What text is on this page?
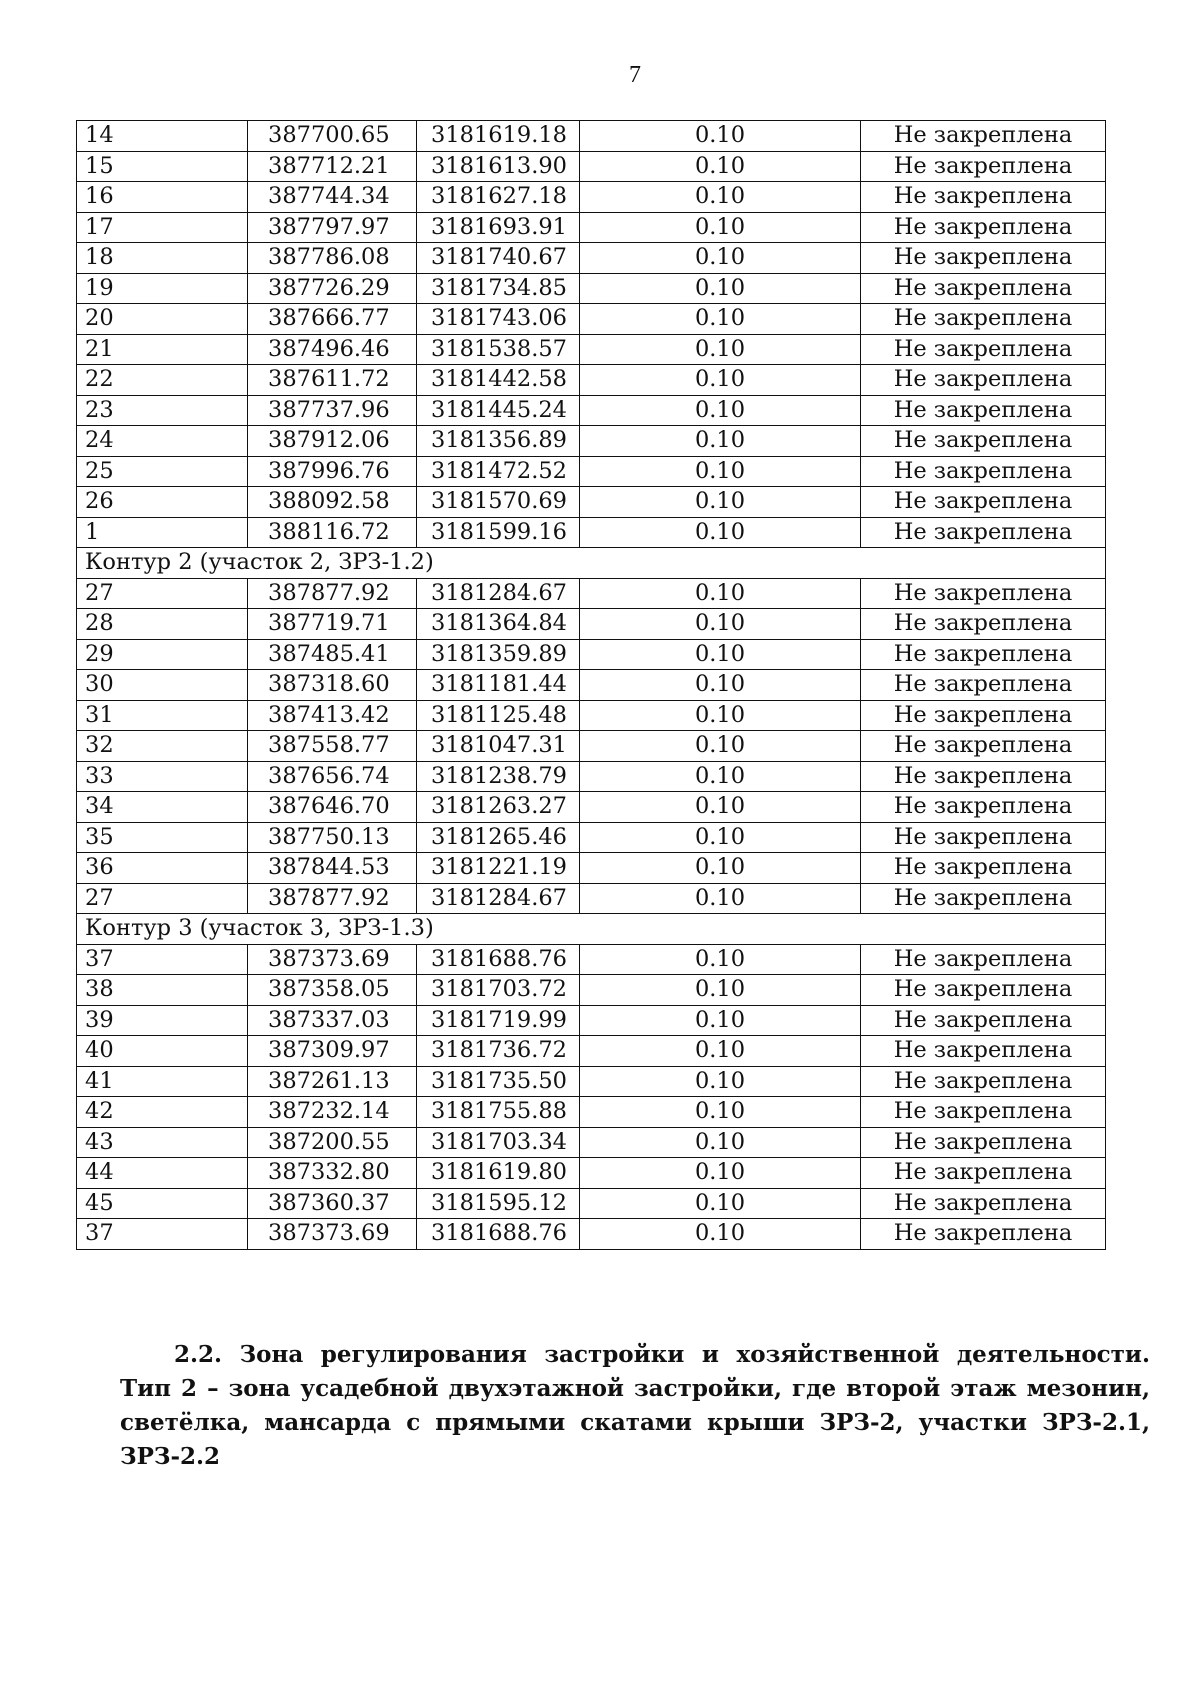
7
14	387700.65	3181619.18	0.10	Не закреплена
15	387712.21	3181613.90	0.10	Не закреплена
16	387744.34	3181627.18	0.10	Не закреплена
17	387797.97	3181693.91	0.10	Не закреплена
18	387786.08	3181740.67	0.10	Не закреплена
19	387726.29	3181734.85	0.10	Не закреплена
20	387666.77	3181743.06	0.10	Не закреплена
21	387496.46	3181538.57	0.10	Не закреплена
22	387611.72	3181442.58	0.10	Не закреплена
23	387737.96	3181445.24	0.10	Не закреплена
24	387912.06	3181356.89	0.10	Не закреплена
25	387996.76	3181472.52	0.10	Не закреплена
26	388092.58	3181570.69	0.10	Не закреплена
1	388116.72	3181599.16	0.10	Не закреплена
Контур 2 (участок 2, ЗРЗ-1.2)				
27	387877.92	3181284.67	0.10	Не закреплена
28	387719.71	3181364.84	0.10	Не закреплена
29	387485.41	3181359.89	0.10	Не закреплена
30	387318.60	3181181.44	0.10	Не закреплена
31	387413.42	3181125.48	0.10	Не закреплена
32	387558.77	3181047.31	0.10	Не закреплена
33	387656.74	3181238.79	0.10	Не закреплена
34	387646.70	3181263.27	0.10	Не закреплена
35	387750.13	3181265.46	0.10	Не закреплена
36	387844.53	3181221.19	0.10	Не закреплена
27	387877.92	3181284.67	0.10	Не закреплена
Контур 3 (участок 3, ЗРЗ-1.3)				
37	387373.69	3181688.76	0.10	Не закреплена
38	387358.05	3181703.72	0.10	Не закреплена
39	387337.03	3181719.99	0.10	Не закреплена
40	387309.97	3181736.72	0.10	Не закреплена
41	387261.13	3181735.50	0.10	Не закреплена
42	387232.14	3181755.88	0.10	Не закреплена
43	387200.55	3181703.34	0.10	Не закреплена
44	387332.80	3181619.80	0.10	Не закреплена
45	387360.37	3181595.12	0.10	Не закреплена
37	387373.69	3181688.76	0.10	Не закреплена
2.2. Зона регулирования застройки и хозяйственной деятельности. Тип 2 – зона усадебной двухэтажной застройки, где второй этаж мезонин, светёлка, мансарда с прямыми скатами крыши ЗРЗ-2, участки ЗРЗ-2.1, ЗРЗ-2.2
